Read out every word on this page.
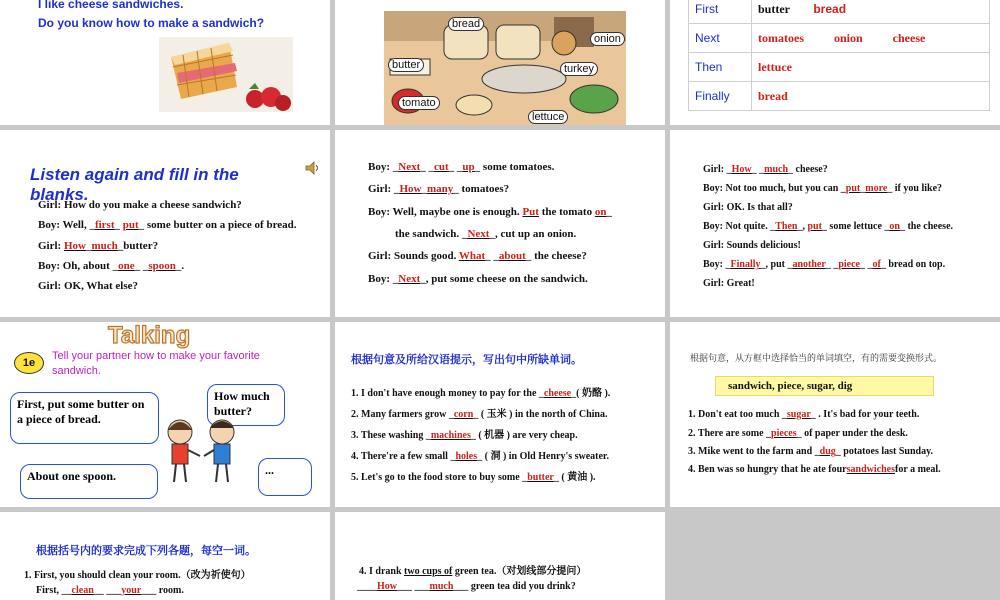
I like cheese sandwiches.
Do you know how to make a sandwich?	bread
onion
butter	turkey
tomato
lettuce
First	butter bread
Next	tomatoes onion cheese
Then	lettuce
Finally	bread
Listen again and fill in the blanks.
Girl: How do you make a cheese sandwich?
Boy: Well, _first_ put_ some butter on a piece of bread.
Girl: How_much_butter?
Boy: Oh, about _one_ _spoon_.
Girl: OK, What else?
Boy: _Next_ _cut_ _up_ some tomatoes.
Girl: _How_many_ tomatoes?
Boy: Well, maybe one is enough. Put the tomato on_
the sandwich. _Next_, cut up an onion.
Girl: Sounds good. What_ _about_ the cheese?
Boy: _Next_, put some cheese on the sandwich.
Girl: _How_ _much_ cheese?
Boy: Not too much, but you can _put_more_ if you like?
Girl: OK. Is that all?
Boy: Not quite. _Then_, put_ some lettuce _on_ the cheese.
Girl: Sounds delicious!
Boy: _Finally_, put _another_ _piece_ _of_ bread on top.
Girl: Great!
Talking
1e
Tell your partner how to make your favorite
sandwich.
First, put some butter on a piece of bread.
How much butter?
About one spoon.	...
根据句意及所给汉语提示，写出句中所缺单词。
1. I don't have enough money to pay for the _cheese_( 奶酪 ).
2. Many farmers grow _corn_ ( 玉米 ) in the north of China.
3. These washing _machines_ ( 机器 ) are very cheap.
4. There're a few small _holes_ ( 洞 ) in Old Henry's sweater.
5. Let's go to the food store to buy some _butter_ ( 黄油 ).
根据句意，从方框中选择恰当的单词填空，有的需要变换形式。
sandwich, piece, sugar, dig
1. Don't eat too much _sugar_ . It's bad for your teeth.
2. There are some _pieces_ of paper under the desk.
3. Mike went to the farm and _dug_ potatoes last Sunday.
4. Ben was so hungry that he ate foursandwichesfor a meal.
根据括号内的要求完成下列各题，每空一词。
1. First, you should clean your room.（改为祈使句）
First, __clean__ ___your___ room.
4. I drank two cups of green tea.（对划线部分提问）
____How___ ___much___ green tea did you drink?
